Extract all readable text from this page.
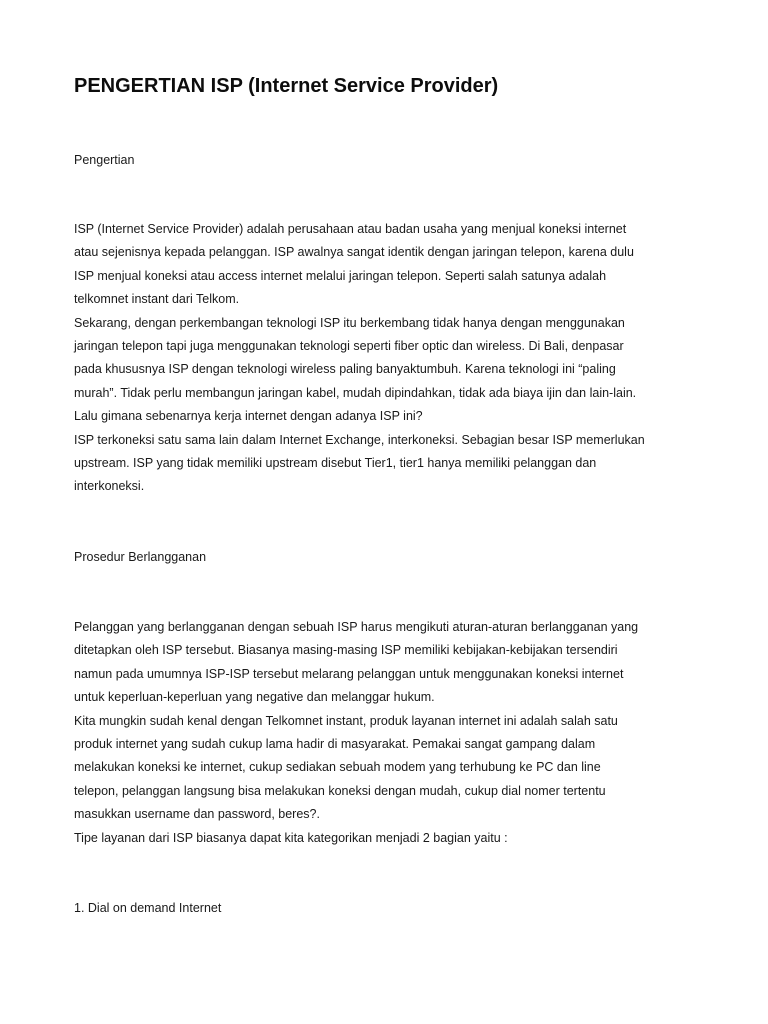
PENGERTIAN ISP (Internet Service Provider)

Pengertian

ISP (Internet Service Provider) adalah perusahaan atau badan usaha yang menjual koneksi internet
atau sejenisnya kepada pelanggan. ISP awalnya sangat identik dengan jaringan telepon, karena dulu
ISP menjual koneksi atau access internet melalui jaringan telepon. Seperti salah satunya adalah
telkomnet instant dari Telkom.
Sekarang, dengan perkembangan teknologi ISP itu berkembang tidak hanya dengan menggunakan
jaringan telepon tapi juga menggunakan teknologi seperti fiber optic dan wireless. Di Bali, denpasar
pada khususnya ISP dengan teknologi wireless paling banyaktumbuh. Karena teknologi ini “paling
murah”. Tidak perlu membangun jaringan kabel, mudah dipindahkan, tidak ada biaya ijin dan lain-lain.
Lalu gimana sebenarnya kerja internet dengan adanya ISP ini?
ISP terkoneksi satu sama lain dalam Internet Exchange, interkoneksi. Sebagian besar ISP memerlukan
upstream. ISP yang tidak memiliki upstream disebut Tier1, tier1 hanya memiliki pelanggan dan
interkoneksi.

Prosedur Berlangganan

Pelanggan yang berlangganan dengan sebuah ISP harus mengikuti aturan-aturan berlangganan yang
ditetapkan oleh ISP tersebut. Biasanya masing-masing ISP memiliki kebijakan-kebijakan tersendiri
namun pada umumnya ISP-ISP tersebut melarang pelanggan untuk menggunakan koneksi internet
untuk keperluan-keperluan yang negative dan melanggar hukum.
Kita mungkin sudah kenal dengan Telkomnet instant, produk layanan internet ini adalah salah satu
produk internet yang sudah cukup lama hadir di masyarakat. Pemakai sangat gampang dalam
melakukan koneksi ke internet, cukup sediakan sebuah modem yang terhubung ke PC dan line
telepon, pelanggan langsung bisa melakukan koneksi dengan mudah, cukup dial nomer tertentu
masukkan username dan password, beres?.
Tipe layanan dari ISP biasanya dapat kita kategorikan menjadi 2 bagian yaitu :

1. Dial on demand Internet
